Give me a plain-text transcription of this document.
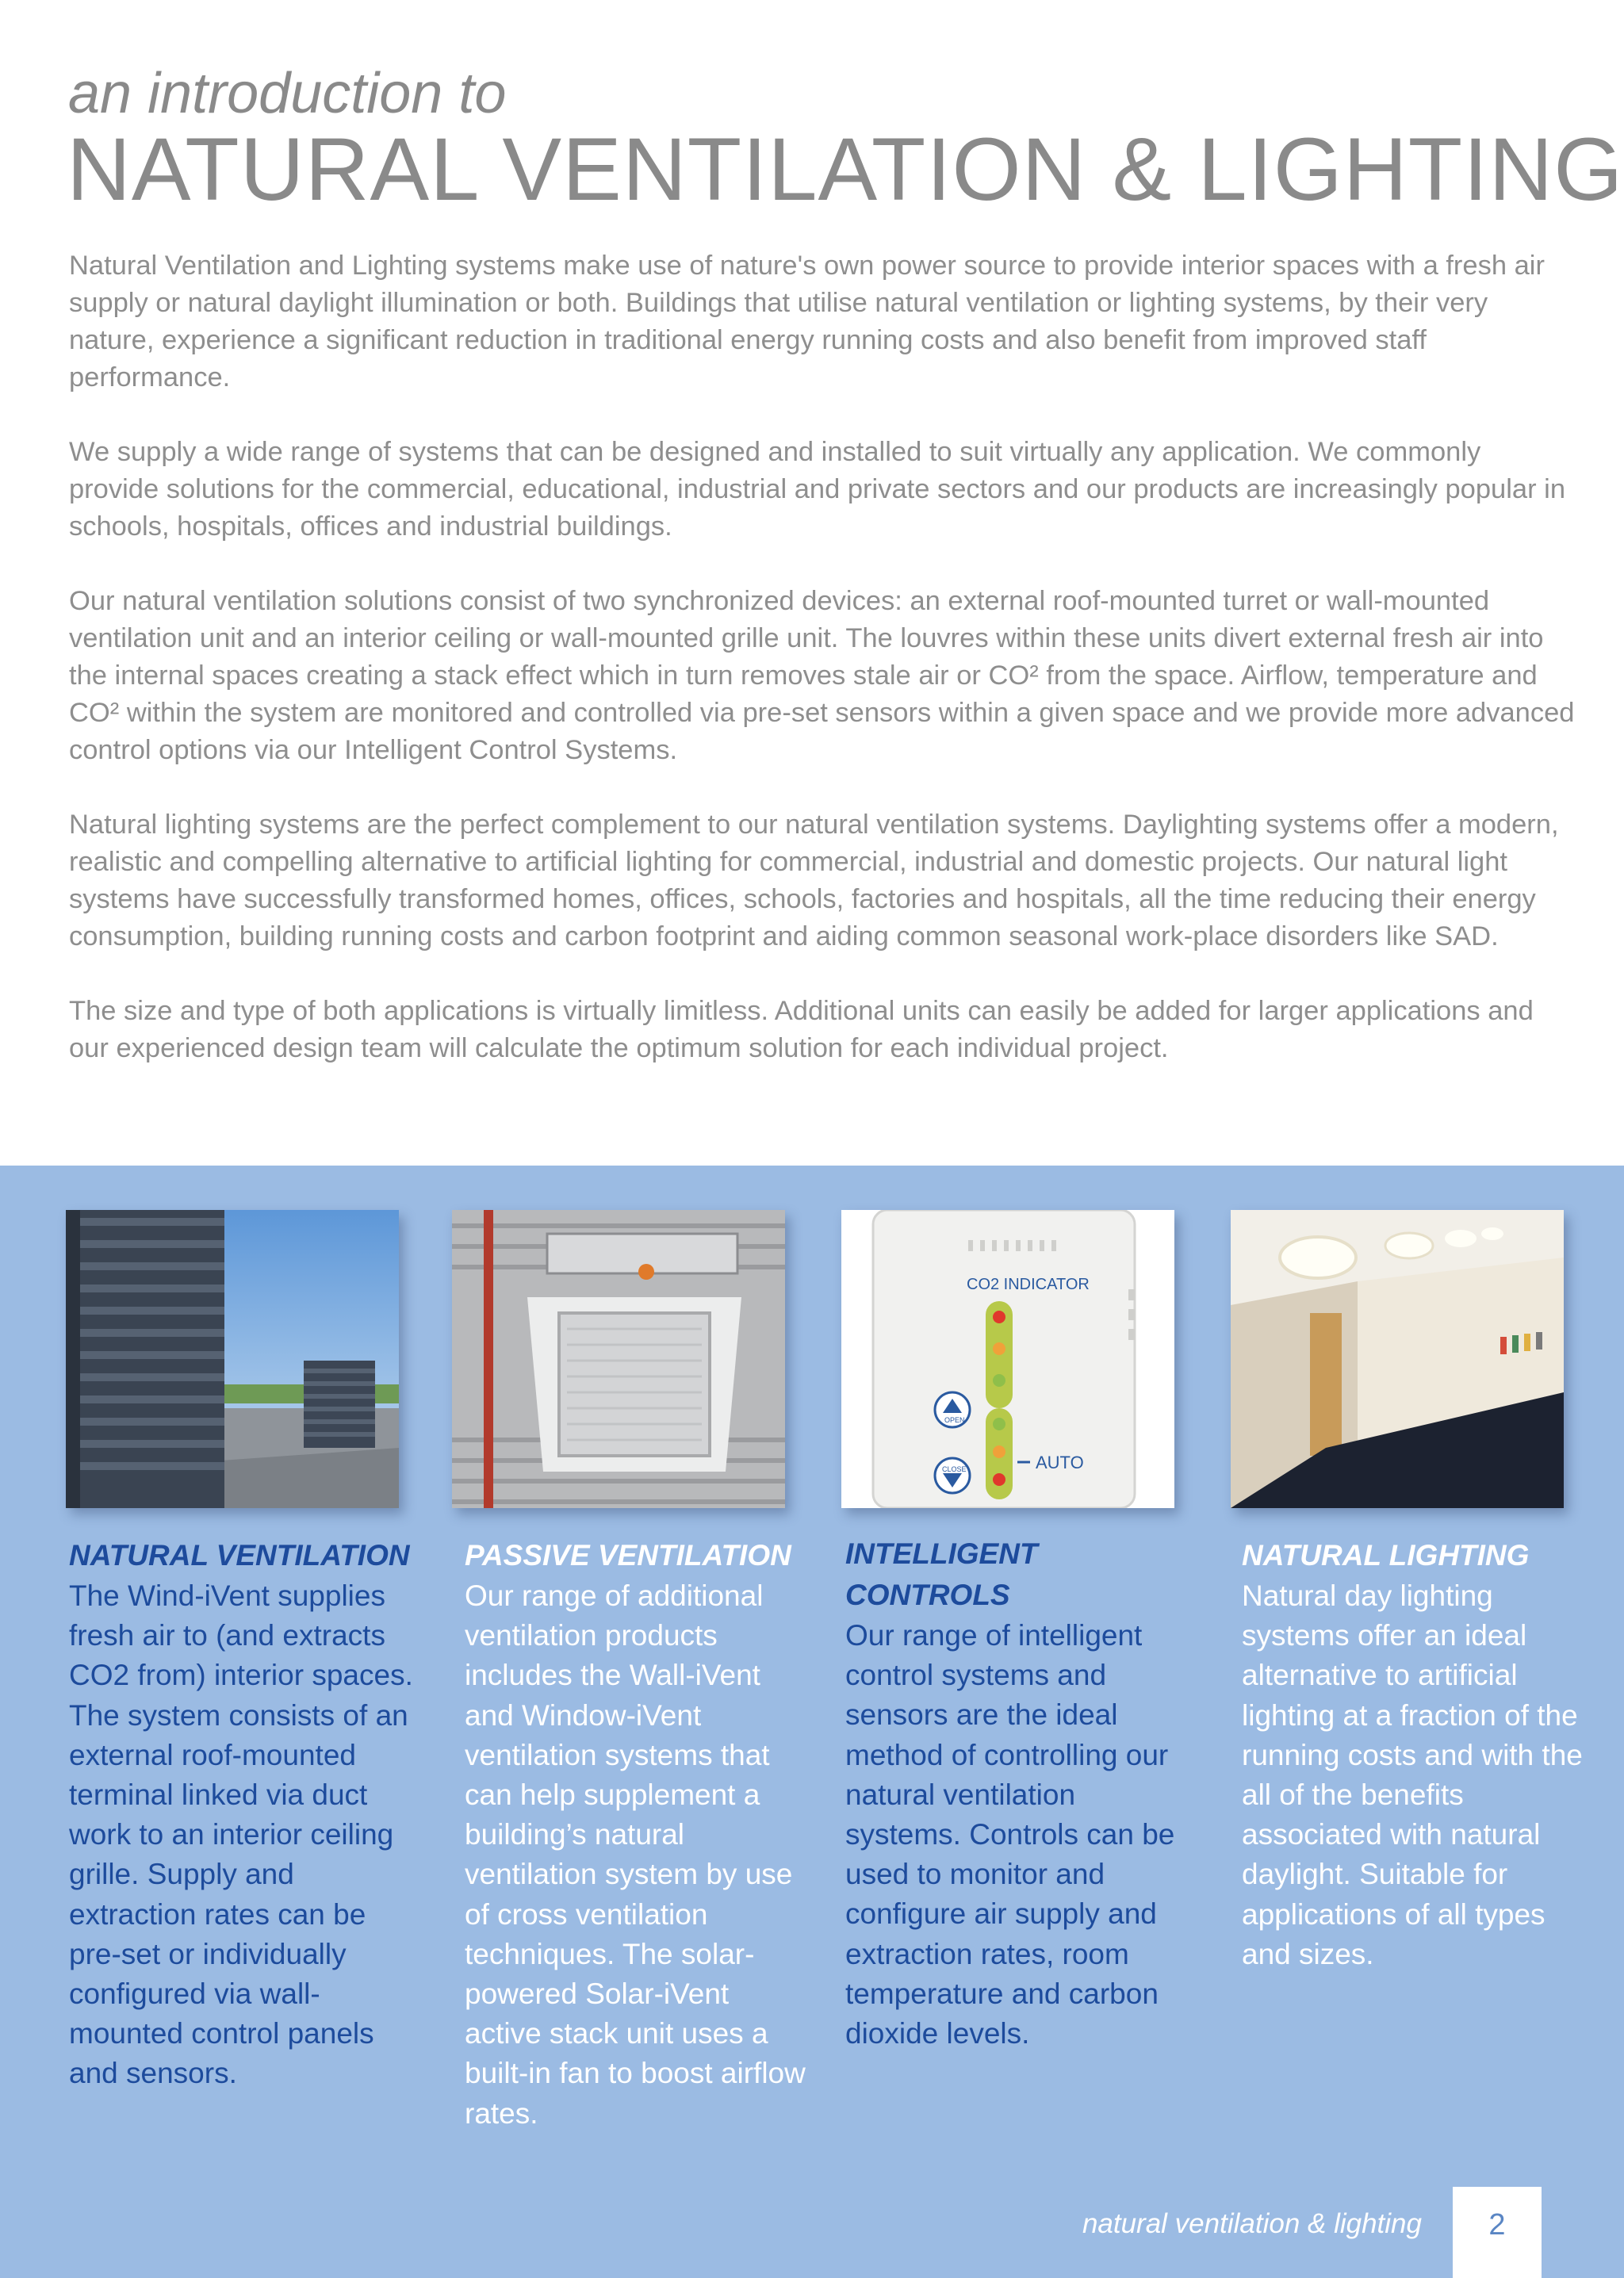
an introduction to
NATURAL VENTILATION & LIGHTING

Natural Ventilation and Lighting systems make use of nature's own power source to provide interior spaces with a fresh air supply or natural daylight illumination or both. Buildings that utilise natural ventilation or lighting systems, by their very nature, experience a significant reduction in traditional energy running costs and also benefit from improved staff performance.

We supply a wide range of systems that can be designed and installed to suit virtually any application. We commonly provide solutions for the commercial, educational, industrial and private sectors and our products are increasingly popular in schools, hospitals, offices and industrial buildings.

Our natural ventilation solutions consist of two synchronized devices: an external roof-mounted turret or wall-mounted ventilation unit and an interior ceiling or wall-mounted grille unit. The louvres within these units divert external fresh air into the internal spaces creating a stack effect which in turn removes stale air or CO² from the space. Airflow, temperature and CO² within the system are monitored and controlled via pre-set sensors within a given space and we provide more advanced control options via our Intelligent Control Systems.

Natural lighting systems are the perfect complement to our natural ventilation systems. Daylighting systems offer a modern, realistic and compelling alternative to artificial lighting for commercial, industrial and domestic projects. Our natural light systems have successfully transformed homes, offices, schools, factories and hospitals, all the time reducing their energy consumption, building running costs and carbon footprint and aiding common seasonal work-place disorders like SAD.

The size and type of both applications is virtually limitless. Additional units can easily be added for larger applications and our experienced design team will calculate the optimum solution for each individual project.

CO2 INDICATOR
OPEN
CLOSE	AUTO

NATURAL VENTILATION

The Wind-iVent supplies fresh air to (and extracts CO2 from) interior spaces. The system consists of an external roof-mounted terminal linked via duct work to an interior ceiling grille. Supply and extraction rates can be pre-set or individually configured via wall-mounted control panels and sensors.

PASSIVE VENTILATION

Our range of additional ventilation products includes the Wall-iVent and Window-iVent ventilation systems that can help supplement a building’s natural ventilation system by use of cross ventilation techniques. The solar-powered Solar-iVent active stack unit uses a built-in fan to boost airflow rates.

INTELLIGENT CONTROLS

Our range of intelligent control systems and sensors are the ideal method of controlling our natural ventilation systems. Controls can be used to monitor and configure air supply and extraction rates, room temperature and carbon dioxide levels.

NATURAL LIGHTING

Natural day lighting systems offer an ideal alternative to artificial lighting at a fraction of the running costs and with the all of the benefits associated with natural daylight. Suitable for applications of all types and sizes.

natural ventilation & lighting	2
